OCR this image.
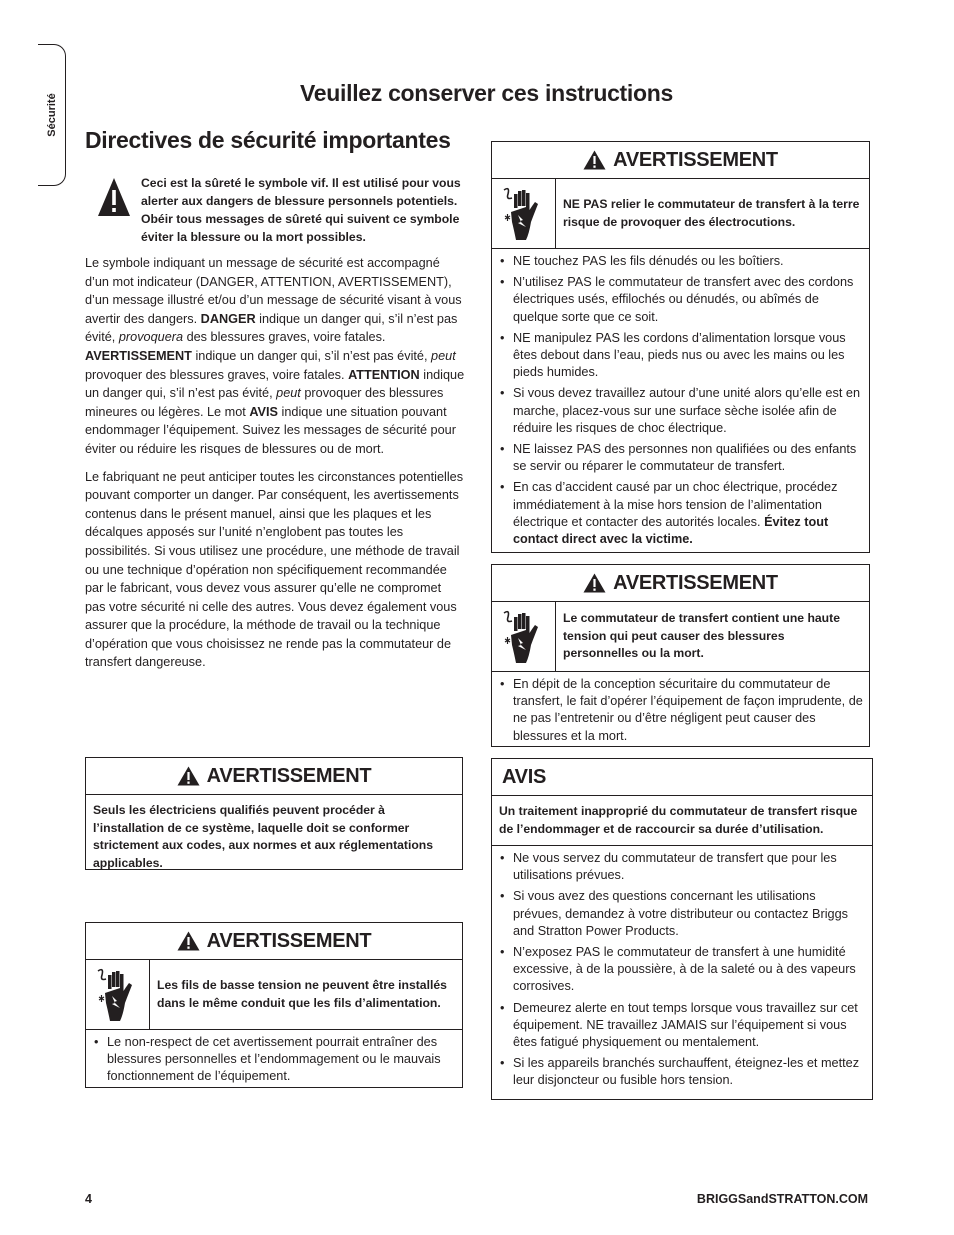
Sécurité
Veuillez conserver ces instructions
Directives de sécurité importantes

Ceci est la sûreté le symbole vif. Il est utilisé pour vous alerter aux dangers de blessure personnels potentiels. Obéir tous messages de sûreté qui suivent ce symbole éviter la blessure ou la mort possibles.

Le symbole indiquant un message de sécurité est accompagné d’un mot indicateur (DANGER, ATTENTION, AVERTISSEMENT), d’un message illustré et/ou d’un message de sécurité visant à vous avertir des dangers. DANGER indique un danger qui, s’il n’est pas évité, provoquera des blessures graves, voire fatales. AVERTISSEMENT indique un danger qui, s’il n’est pas évité, peut provoquer des blessures graves, voire fatales. ATTENTION indique un danger qui, s’il n’est pas évité, peut provoquer des blessures mineures ou légères. Le mot AVIS indique une situation pouvant endommager l’équipement. Suivez les messages de sécurité pour éviter ou réduire les risques de blessures ou de mort.

Le fabriquant ne peut anticiper toutes les circonstances potentielles pouvant comporter un danger. Par conséquent, les avertissements contenus dans le présent manuel, ainsi que les plaques et les décalques apposés sur l’unité n’englobent pas toutes les possibilités. Si vous utilisez une procédure, une méthode de travail ou une technique d’opération non spécifiquement recommandée par le fabricant, vous devez vous assurer qu’elle ne compromet pas votre sécurité ni celle des autres. Vous devez également vous assurer que la procédure, la méthode de travail ou la technique d’opération que vous choisissez ne rende pas la commutateur de transfert dangereuse.

AVERTISSEMENT

Seuls les électriciens qualifiés peuvent procéder à l’installation de ce système, laquelle doit se conformer strictement aux codes, aux normes et aux réglementations applicables.

AVERTISSEMENT

Les fils de basse tension ne peuvent être installés dans le même conduit que les fils d’alimentation.

• Le non-respect de cet avertissement pourrait entraîner des blessures personnelles et l’endommagement ou le mauvais fonctionnement de l’équipement.
AVERTISSEMENT

NE PAS relier le commutateur de transfert à la terre risque de provoquer des électrocutions.

• NE touchez PAS les fils dénudés ou les boîtiers.
• N’utilisez PAS le commutateur de transfert avec des cordons électriques usés, effilochés ou dénudés, ou abîmés de quelque sorte que ce soit.
• NE manipulez PAS les cordons d’alimentation lorsque vous êtes debout dans l’eau, pieds nus ou avec les mains ou les pieds humides.
• Si vous devez travaillez autour d’une unité alors qu’elle est en marche, placez-vous sur une surface sèche isolée afin de réduire les risques de choc électrique.
• NE laissez PAS des personnes non qualifiées ou des enfants se servir ou réparer le commutateur de transfert.
• En cas d’accident causé par un choc électrique, procédez immédiatement à la mise hors tension de l’alimentation électrique et contacter des autorités locales. Évitez tout contact direct avec la victime.
AVERTISSEMENT

Le commutateur de transfert contient une haute tension qui peut causer des blessures personnelles ou la mort.

• En dépit de la conception sécuritaire du commutateur de transfert, le fait d’opérer l’équipement de façon imprudente, de ne pas l’entretenir ou d’être négligent peut causer des blessures et la mort.
AVIS

Un traitement inapproprié du commutateur de transfert risque de l’endommager et de raccourcir sa durée d’utilisation.

• Ne vous servez du commutateur de transfert que pour les utilisations prévues.
• Si vous avez des questions concernant les utilisations prévues, demandez à votre distributeur ou contactez Briggs and Stratton Power Products.
• N’exposez PAS le commutateur de transfert à une humidité excessive, à de la poussière, à de la saleté ou à des vapeurs corrosives.
• Demeurez alerte en tout temps lorsque vous travaillez sur cet équipement. NE travaillez JAMAIS sur l’équipement si vous êtes fatigué physiquement ou mentalement.
• Si les appareils branchés surchauffent, éteignez-les et mettez leur disjoncteur ou fusible hors tension.
4	BRIGGSandSTRATTON.COM
